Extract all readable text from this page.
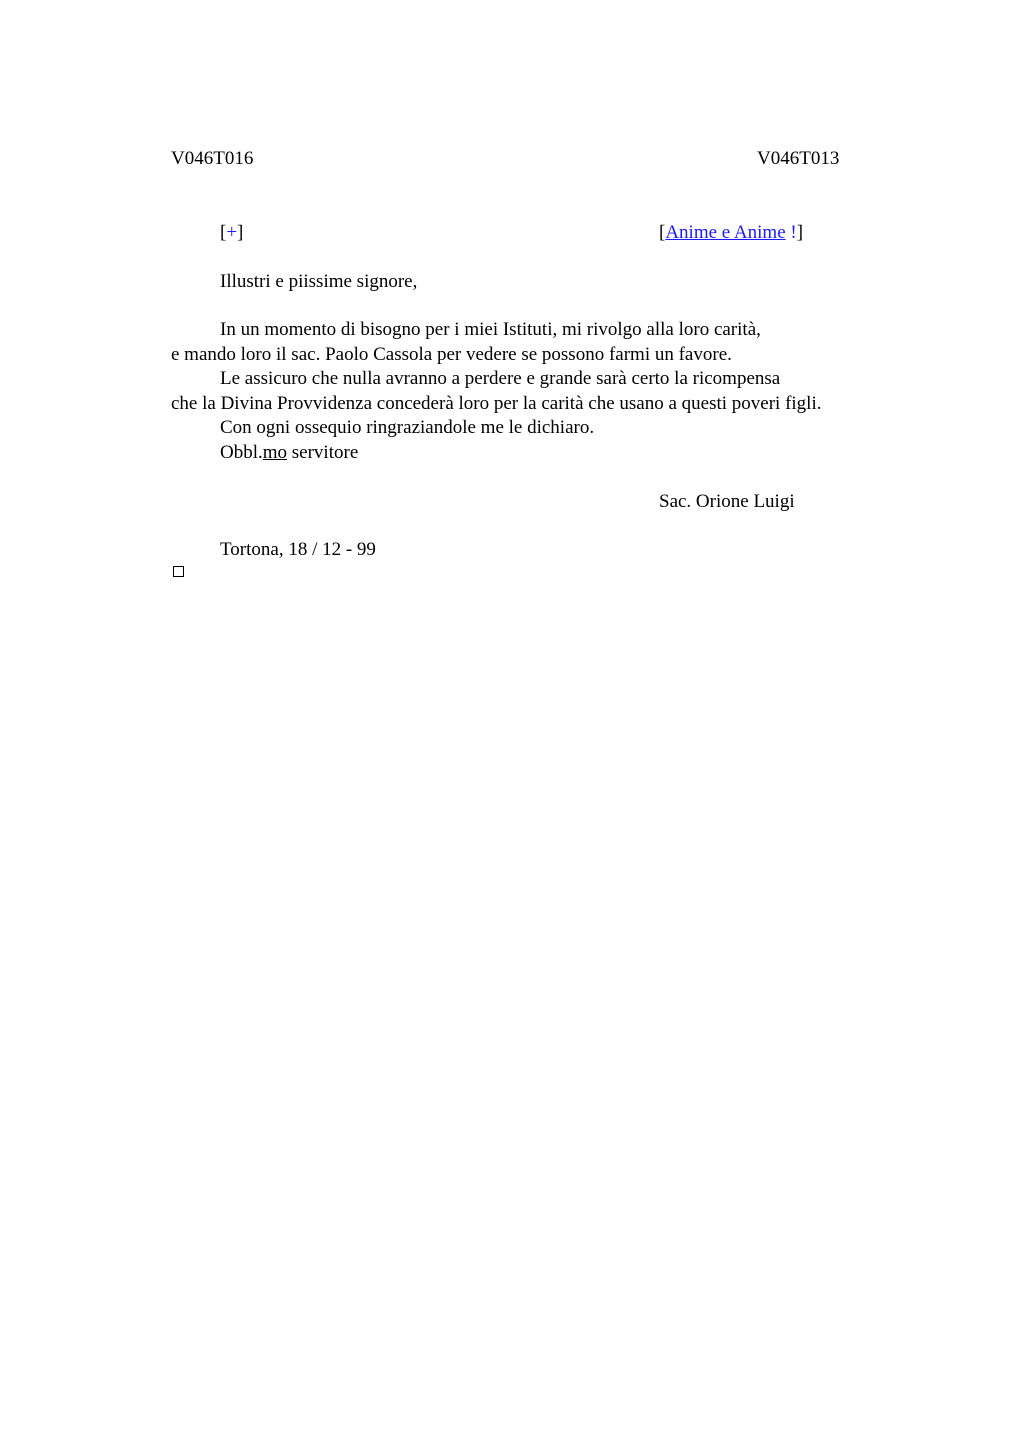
V046T016	V046T013
[+]	[Anime e Anime !]
Illustri e piissime signore,
In un momento di bisogno per i miei Istituti, mi rivolgo alla loro carità,
e mando loro il sac. Paolo Cassola per vedere se possono farmi un favore.
Le assicuro che nulla avranno a perdere e grande sarà certo la ricompensa
che la Divina Provvidenza concederà loro per la carità che usano a questi poveri figli.
Con ogni ossequio ringraziandole me le dichiaro.
Obbl.mo servitore
Sac. Orione Luigi
Tortona, 18 / 12 - 99
